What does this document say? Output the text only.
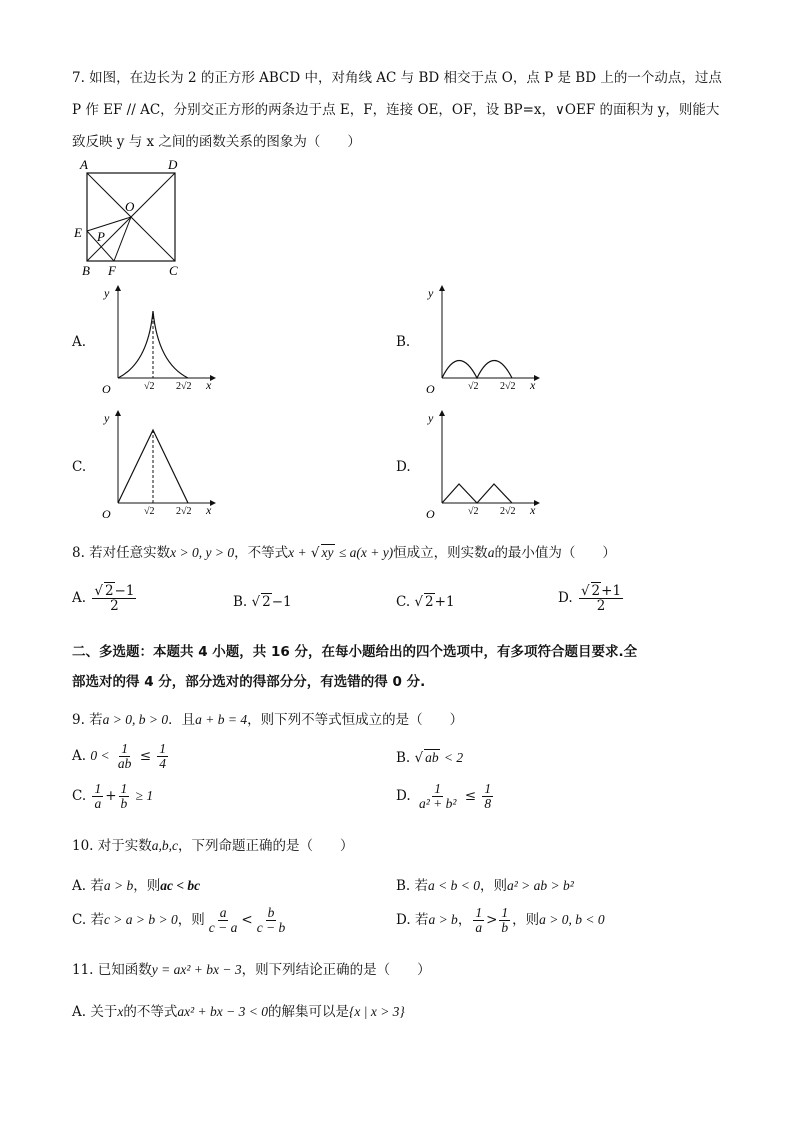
7. 如图，在边长为 2 的正方形 ABCD 中，对角线 AC 与 BD 相交于点 O，点 P 是 BD 上的一个动点，过点
P 作 EF // AC，分别交正方形的两条边于点 E，F，连接 OE，OF，设 BP=x，∨OEF 的面积为 y，则能大
致反映 y 与 x 之间的函数关系的图象为（　　）
A	D
O
E P
B F	C
A.
y
x
O	√2 2√2
B.
y
x
O	√2 2√2
C.
y
x
O	√2 2√2
D.
y
x
O	√2 2√2
8. 若对任意实数x > 0, y > 0，不等式x + √ xy ≤ a(x + y)恒成立，则实数a的最小值为（　　）
A. $\frac{√ 2-1}{2}$	B. √ 2−1	C. √ 2+1	D. $\frac{√ 2+1}{2}$
二、多选题：本题共 4 小题，共 16 分，在每小题给出的四个选项中，有多项符合题目要求.全
部选对的得 4 分，部分选对的得部分分，有选错的得 0 分.
9. 若a > 0, b > 0．且a + b = 4，则下列不等式恒成立的是（　　）
A. $0 < \frac{1}{ab} \le \frac{1}{4}$	B. √ ab < 2
C. $\frac{1}{a} + \frac{1}{b} \ge 1$	D. $\frac{1}{\text{a² + b²}} \le \frac{1}{8}$
10. 对于实数a,b,c，下列命题正确的是（　　）
A. 若a > b，则ac < bc	B. 若a < b < 0，则a² > ab > b²
C. 若c > a > b > 0，则 $\frac{a}{c - a} < \frac{b}{c - b}$	D. 若a > b， $\frac{1}{a} > \frac{1}{b}$ ，则a > 0, b < 0
11. 已知函数y = ax² + bx − 3，则下列结论正确的是（　　）
A. 关于x的不等式ax² + bx − 3 < 0的解集可以是{x | x > 3}
